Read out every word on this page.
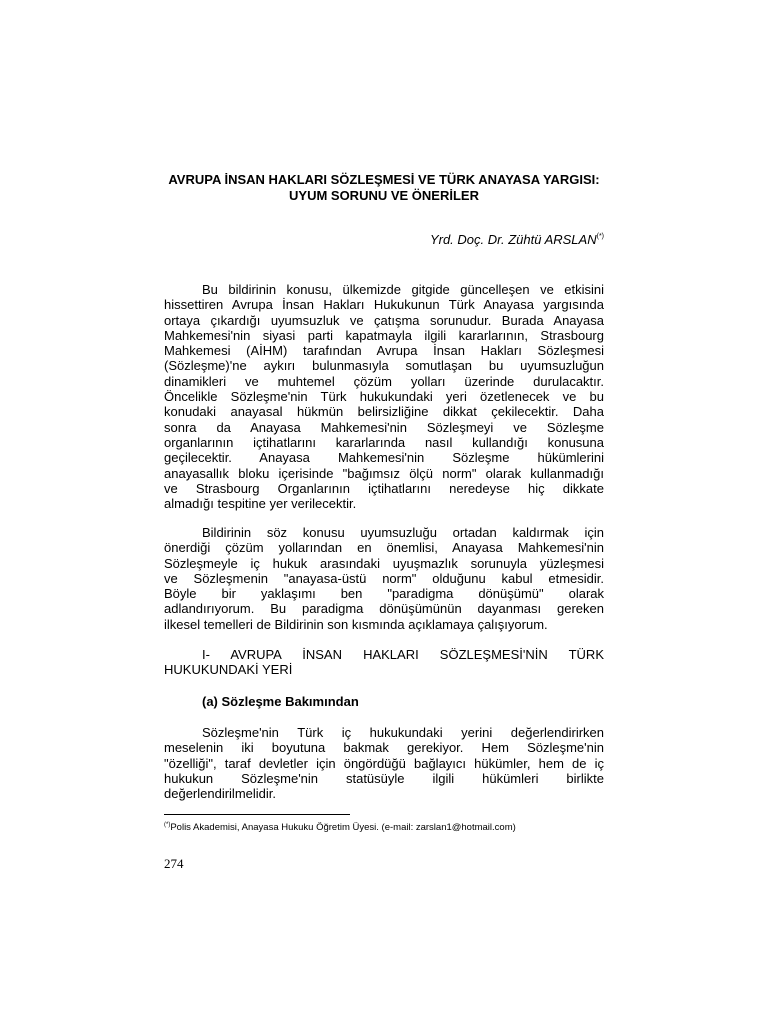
AVRUPA İNSAN HAKLARI SÖZLEŞMESİ VE TÜRK ANAYASA YARGISI: UYUM SORUNU VE ÖNERİLER
Yrd. Doç. Dr. Zühtü ARSLAN(*)
Bu bildirinin konusu, ülkemizde gitgide güncelleşen ve etkisini
hissettiren Avrupa İnsan Hakları Hukukunun Türk Anayasa yargısında
ortaya çıkardığı uyumsuzluk ve çatışma sorunudur. Burada Anayasa
Mahkemesi'nin siyasi parti kapatmayla ilgili kararlarının, Strasbourg
Mahkemesi (AİHM) tarafından Avrupa İnsan Hakları Sözleşmesi
(Sözleşme)'ne aykırı bulunmasıyla somutlaşan bu uyumsuzluğun
dinamikleri ve muhtemel çözüm yolları üzerinde durulacaktır.
Öncelikle Sözleşme'nin Türk hukukundaki yeri özetlenecek ve bu
konudaki anayasal hükmün belirsizliğine dikkat çekilecektir. Daha
sonra da Anayasa Mahkemesi'nin Sözleşmeyi ve Sözleşme
organlarının içtihatlarını kararlarında nasıl kullandığı konusuna
geçilecektir. Anayasa Mahkemesi'nin Sözleşme hükümlerini
anayasallık bloku içerisinde "bağımsız ölçü norm" olarak kullanmadığı
ve Strasbourg Organlarının içtihatlarını neredeyse hiç dikkate
almadığı tespitine yer verilecektir.
Bildirinin söz konusu uyumsuzluğu ortadan kaldırmak için
önerdiği çözüm yollarından en önemlisi, Anayasa Mahkemesi'nin
Sözleşmeyle iç hukuk arasındaki uyuşmazlık sorunuyla yüzleşmesi
ve Sözleşmenin "anayasa-üstü norm" olduğunu kabul etmesidir.
Böyle bir yaklaşımı ben "paradigma dönüşümü" olarak
adlandırıyorum. Bu paradigma dönüşümünün dayanması gereken
ilkesel temelleri de Bildirinin son kısmında açıklamaya çalışıyorum.
I- AVRUPA İNSAN HAKLARI SÖZLEŞMESİ'NİN TÜRK
HUKUKUNDAKİ YERİ
(a) Sözleşme Bakımından
Sözleşme'nin Türk iç hukukundaki yerini değerlendirirken
meselenin iki boyutuna bakmak gerekiyor. Hem Sözleşme'nin
"özelliği", taraf devletler için öngördüğü bağlayıcı hükümler, hem de iç
hukukun Sözleşme'nin statüsüyle ilgili hükümleri birlikte
değerlendirilmelidir.
(*)Polis Akademisi, Anayasa Hukuku Öğretim Üyesi. (e-mail: zarslan1@hotmail.com)
274
